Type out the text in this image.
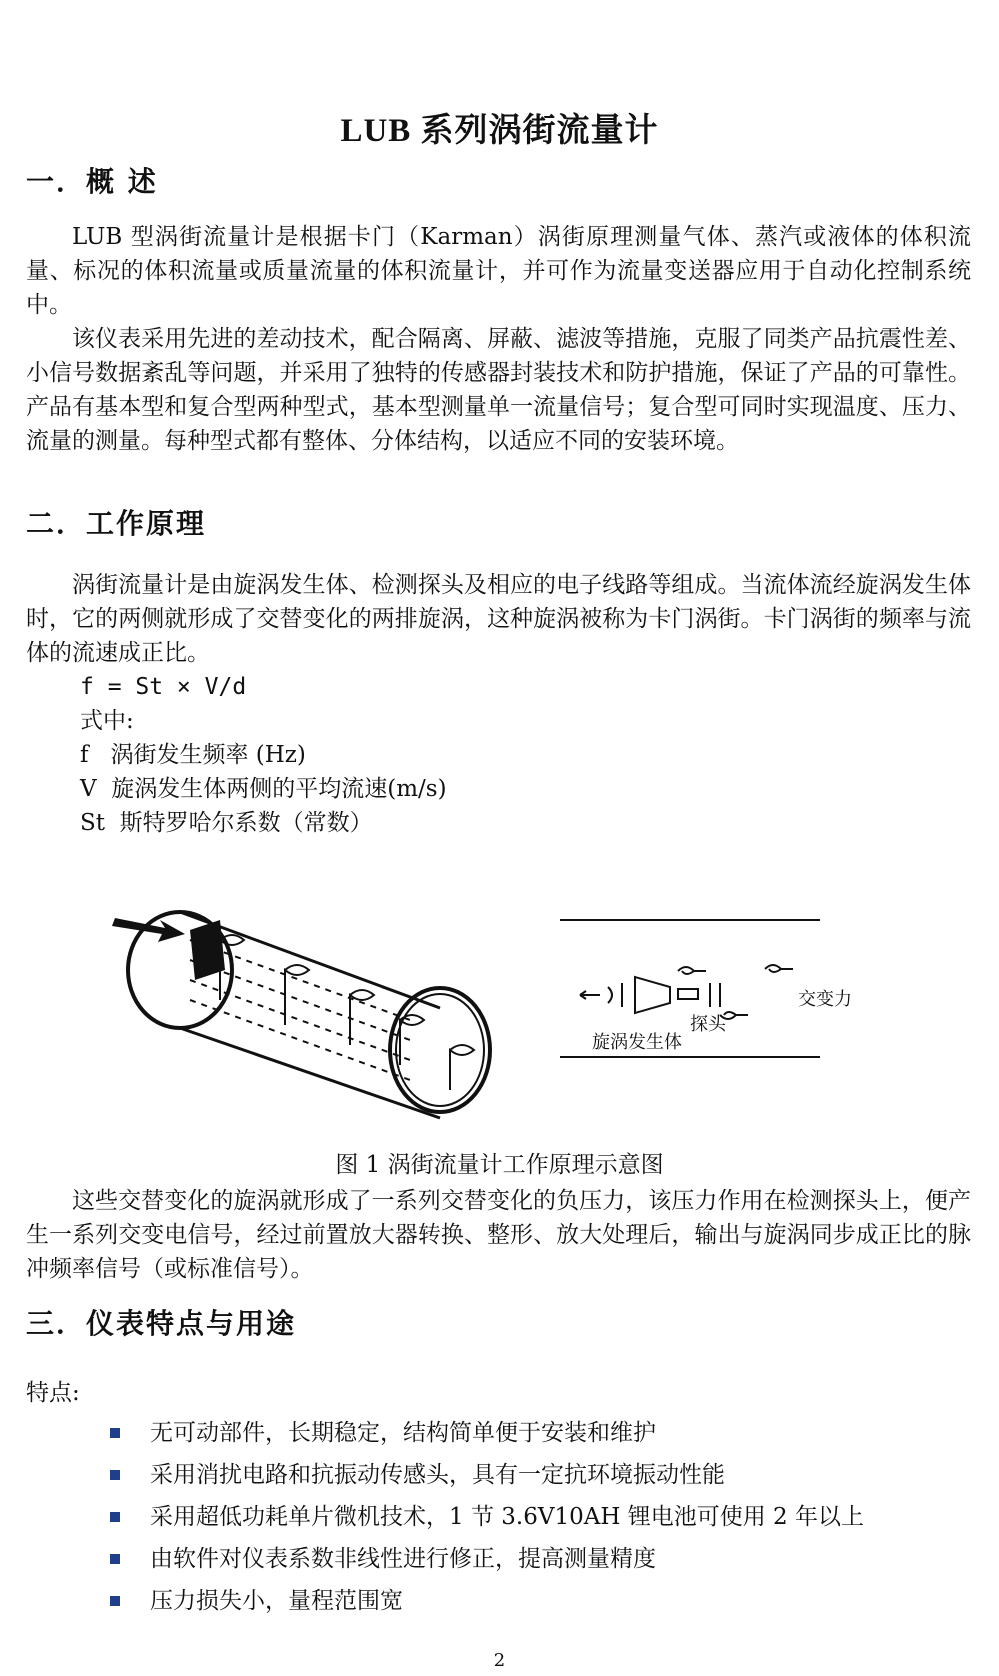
LUB 系列涡街流量计
一．概 述

LUB 型涡街流量计是根据卡门（Karman）涡街原理测量气体、蒸汽或液体的体积流量、标况的体积流量或质量流量的体积流量计，并可作为流量变送器应用于自动化控制系统中。

该仪表采用先进的差动技术，配合隔离、屏蔽、滤波等措施，克服了同类产品抗震性差、小信号数据紊乱等问题，并采用了独特的传感器封装技术和防护措施，保证了产品的可靠性。产品有基本型和复合型两种型式，基本型测量单一流量信号；复合型可同时实现温度、压力、流量的测量。每种型式都有整体、分体结构，以适应不同的安装环境。

二．工作原理

涡街流量计是由旋涡发生体、检测探头及相应的电子线路等组成。当流体流经旋涡发生体时，它的两侧就形成了交替变化的两排旋涡，这种旋涡被称为卡门涡街。卡门涡街的频率与流体的流速成正比。

f = St × V/d

式中:

f   涡街发生频率 (Hz)

V  旋涡发生体两侧的平均流速(m/s)

St  斯特罗哈尔系数（常数）

探头
交变力
旋涡发生体

图 1 涡街流量计工作原理示意图

这些交替变化的旋涡就形成了一系列交替变化的负压力，该压力作用在检测探头上，便产生一系列交变电信号，经过前置放大器转换、整形、放大处理后，输出与旋涡同步成正比的脉冲频率信号（或标准信号）。

三．仪表特点与用途

特点:

无可动部件，长期稳定，结构简单便于安装和维护
采用消扰电路和抗振动传感头，具有一定抗环境振动性能
采用超低功耗单片微机技术，1 节 3.6V10AH 锂电池可使用 2 年以上
由软件对仪表系数非线性进行修正，提高测量精度
压力损失小，量程范围宽

2
